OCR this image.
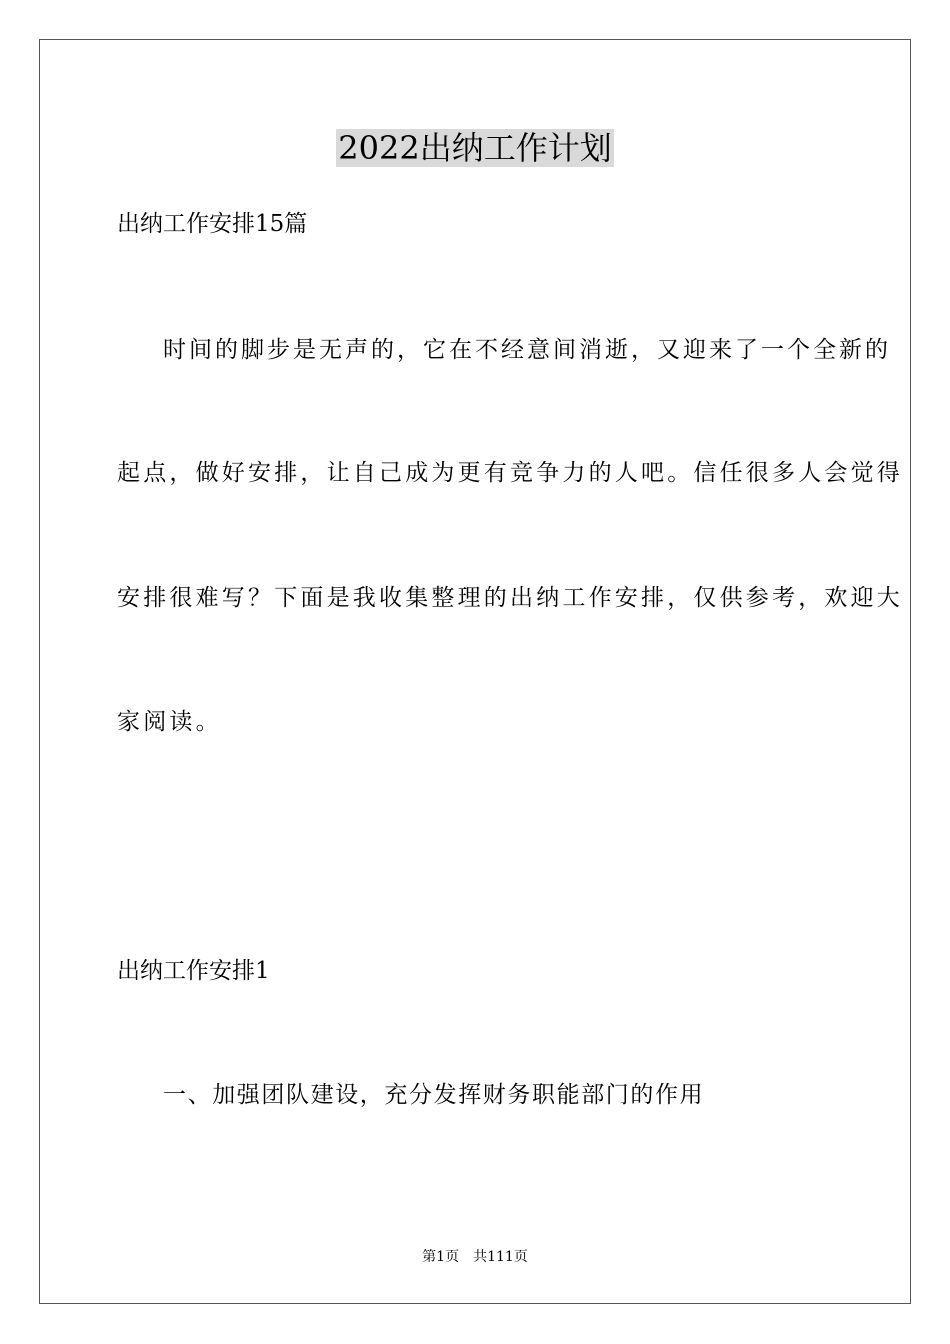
2022出纳工作计划
出纳工作安排15篇
时间的脚步是无声的，它在不经意间消逝，又迎来了一个全新的
起点，做好安排，让自己成为更有竞争力的人吧。信任很多人会觉得
安排很难写？下面是我收集整理的出纳工作安排，仅供参考，欢迎大
家阅读。
出纳工作安排1
一、加强团队建设，充分发挥财务职能部门的作用
第1页 共111页
